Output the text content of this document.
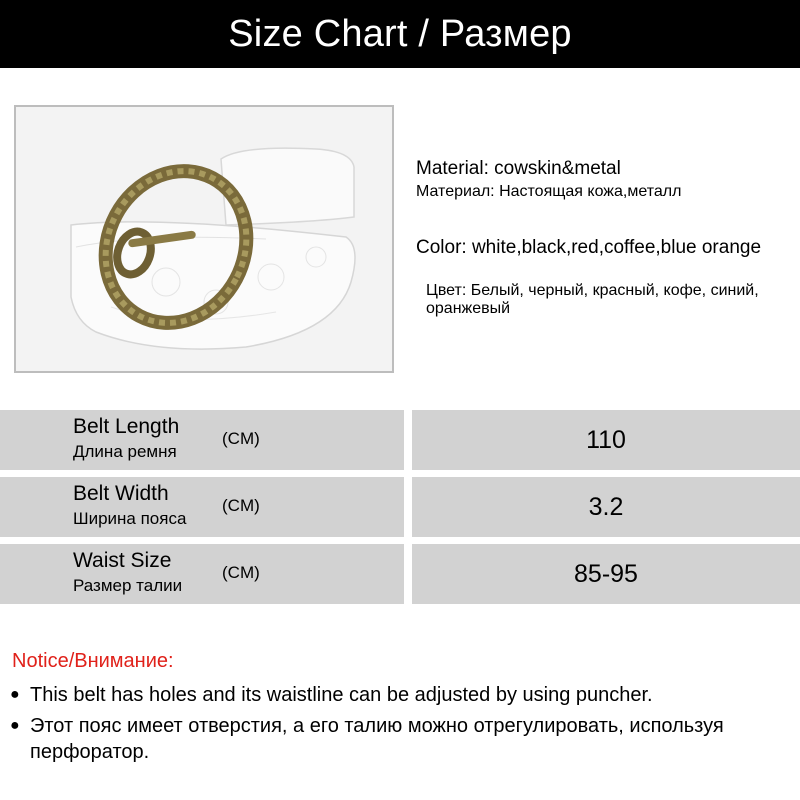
Size Chart / Размер
Material: cowskin&metal
Материал: Настоящая кожа,металл
Color: white,black,red,coffee,blue orange
Цвет: Белый, черный, красный, кофе, синий, оранжевый
Belt Length
Длина ремня
(CM)	110
Belt Width
Ширина пояса
(CM)	3.2
Waist Size
Размер талии
(CM)	85-95
Notice/Внимание:
● This belt has holes and its waistline can be adjusted by using puncher.
● Этот пояс имеет отверстия, а его талию можно отрегулировать, используя перфоратор.
